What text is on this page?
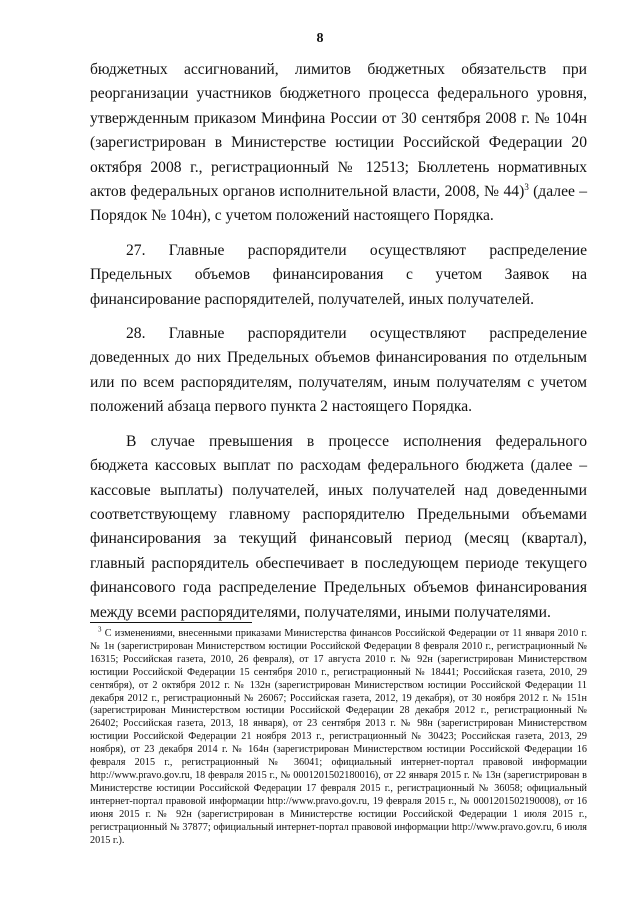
8

бюджетных ассигнований, лимитов бюджетных обязательств при реорганизации участников бюджетного процесса федерального уровня, утвержденным приказом Минфина России от 30 сентября 2008 г. № 104н (зарегистрирован в Министерстве юстиции Российской Федерации 20 октября 2008 г., регистрационный № 12513; Бюллетень нормативных актов федеральных органов исполнительной власти, 2008, № 44)$^3$ (далее – Порядок № 104н), с учетом положений настоящего Порядка.

27. Главные распорядители осуществляют распределение Предельных объемов финансирования с учетом Заявок на финансирование распорядителей, получателей, иных получателей.

28. Главные распорядители осуществляют распределение доведенных до них Предельных объемов финансирования по отдельным или по всем распорядителям, получателям, иным получателям с учетом положений абзаца первого пункта 2 настоящего Порядка.

В случае превышения в процессе исполнения федерального бюджета кассовых выплат по расходам федерального бюджета (далее – кассовые выплаты) получателей, иных получателей над доведенными соответствующему главному распорядителю Предельными объемами финансирования за текущий финансовый период (месяц (квартал), главный распорядитель обеспечивает в последующем периоде текущего финансового года распределение Предельных объемов финансирования между всеми распорядителями, получателями, иными получателями.

$^3$ С изменениями, внесенными приказами Министерства финансов Российской Федерации от 11 января 2010 г. № 1н (зарегистрирован Министерством юстиции Российской Федерации 8 февраля 2010 г., регистрационный № 16315; Российская газета, 2010, 26 февраля), от 17 августа 2010 г. № 92н (зарегистрирован Министерством юстиции Российской Федерации 15 сентября 2010 г., регистрационный № 18441; Российская газета, 2010, 29 сентября), от 2 октября 2012 г. № 132н (зарегистрирован Министерством юстиции Российской Федерации 11 декабря 2012 г., регистрационный № 26067; Российская газета, 2012, 19 декабря), от 30 ноября 2012 г. № 151н (зарегистрирован Министерством юстиции Российской Федерации 28 декабря 2012 г., регистрационный № 26402; Российская газета, 2013, 18 января), от 23 сентября 2013 г. № 98н (зарегистрирован Министерством юстиции Российской Федерации 21 ноября 2013 г., регистрационный № 30423; Российская газета, 2013, 29 ноября), от 23 декабря 2014 г. № 164н (зарегистрирован Министерством юстиции Российской Федерации 16 февраля 2015 г., регистрационный № 36041; официальный интернет-портал правовой информации http://www.pravo.gov.ru, 18 февраля 2015 г., № 0001201502180016), от 22 января 2015 г. № 13н (зарегистрирован в Министерстве юстиции Российской Федерации 17 февраля 2015 г., регистрационный № 36058; официальный интернет-портал правовой информации http://www.pravo.gov.ru, 19 февраля 2015 г., № 0001201502190008), от 16 июня 2015 г. № 92н (зарегистрирован в Министерстве юстиции Российской Федерации 1 июля 2015 г., регистрационный № 37877; официальный интернет-портал правовой информации http://www.pravo.gov.ru, 6 июля 2015 г.).
